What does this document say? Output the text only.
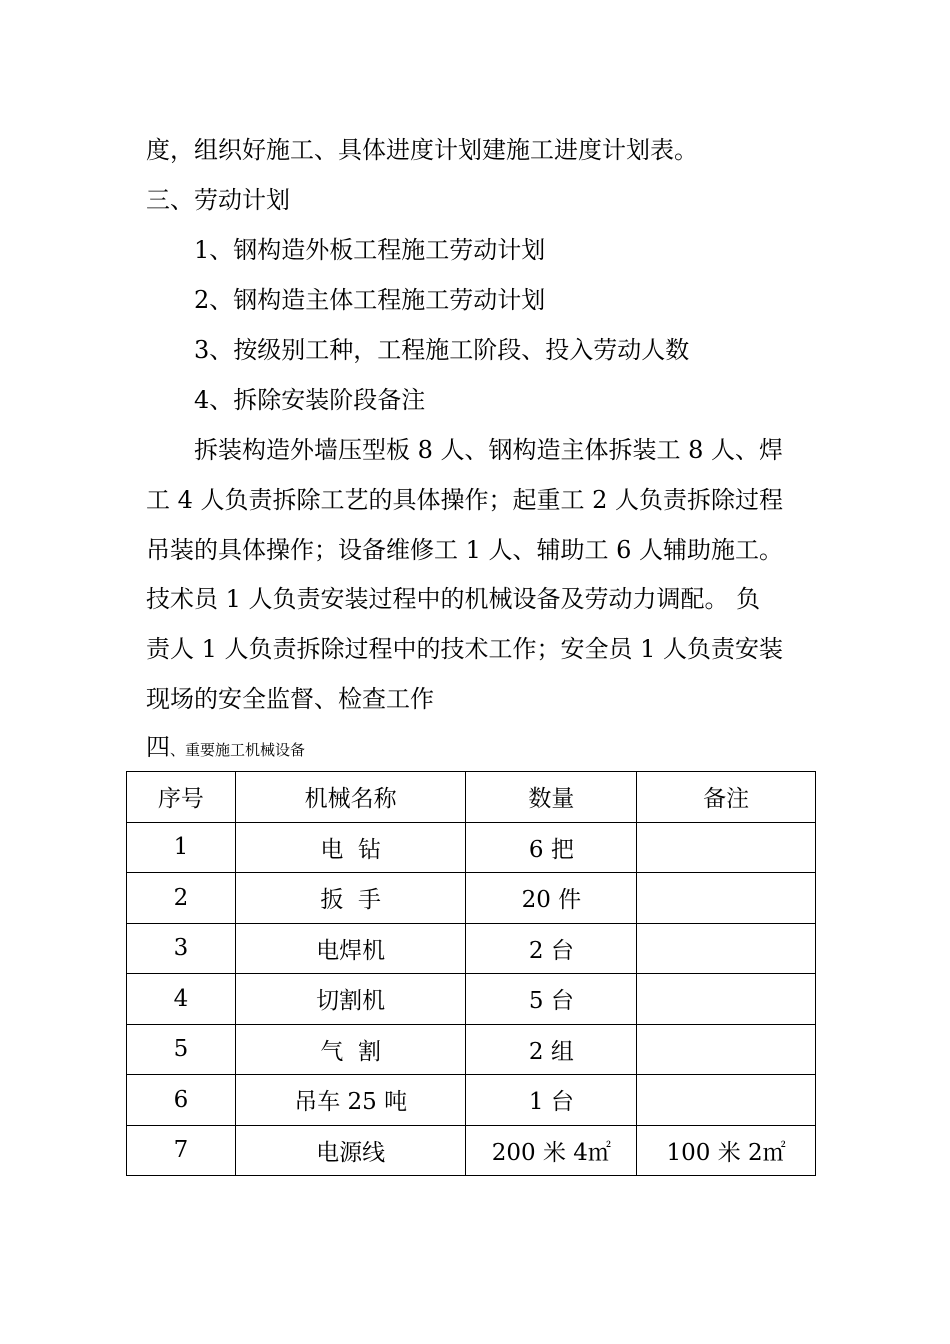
度，组织好施工、具体进度计划建施工进度计划表。
三、劳动计划
1、钢构造外板工程施工劳动计划
2、钢构造主体工程施工劳动计划
3、按级别工种，工程施工阶段、投入劳动人数
4、拆除安装阶段备注
拆装构造外墙压型板 8 人、钢构造主体拆装工 8 人、焊
工 4 人负责拆除工艺的具体操作；起重工 2 人负责拆除过程
吊装的具体操作；设备维修工 1 人、辅助工 6 人辅助施工。
技术员 1 人负责安装过程中的机械设备及劳动力调配。 负
责人 1 人负责拆除过程中的技术工作；安全员 1 人负责安装
现场的安全监督、检查工作
四、重要施工机械设备
序号	机械名称	数量	备注
1	电  钻	6 把	
2	扳  手	20 件	
3	电焊机	2 台	
4	切割机	5 台	
5	气  割	2 组	
6	吊车 25 吨	1 台	
7	电源线	200 米 4㎡	100 米 2㎡
